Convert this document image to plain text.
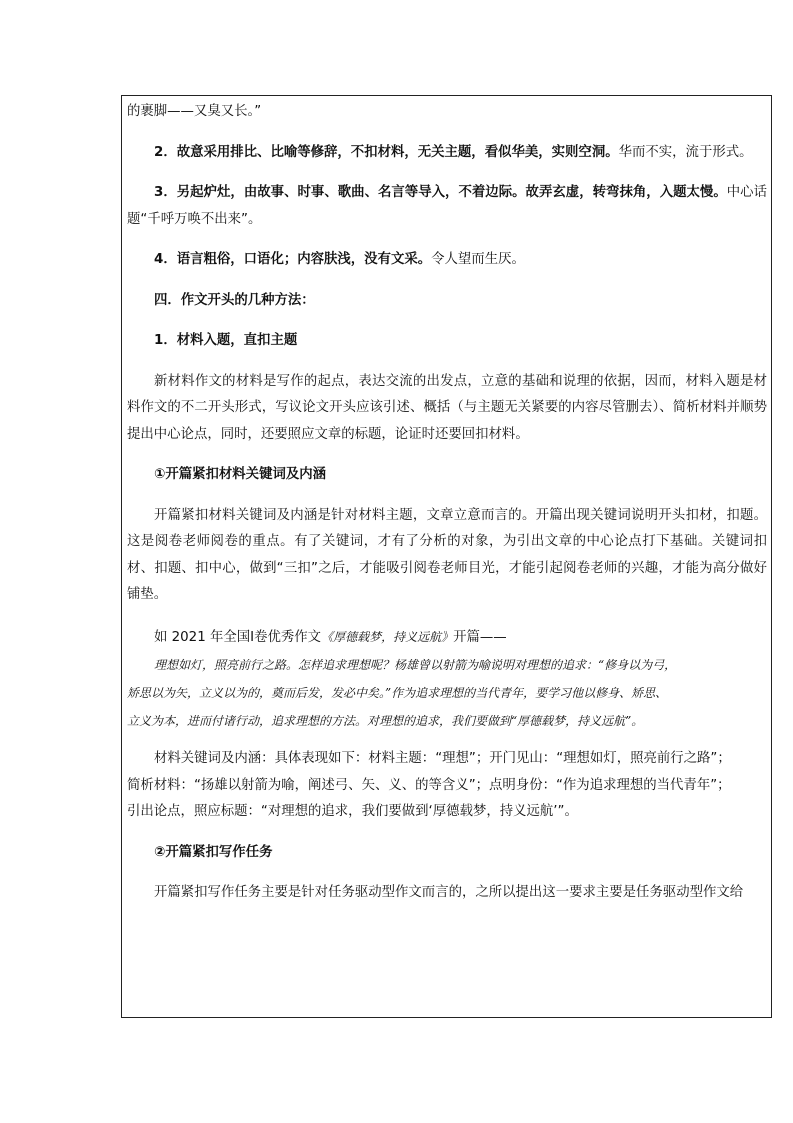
的裹脚——又臭又长。”

2．故意采用排比、比喻等修辞，不扣材料，无关主题，看似华美，实则空洞。华而不实，流于形式。

3．另起炉灶，由故事、时事、歌曲、名言等导入，不着边际。故弄玄虚，转弯抹角，入题太慢。中心话题“千呼万唤不出来”。

4．语言粗俗，口语化；内容肤浅，没有文采。令人望而生厌。

四．作文开头的几种方法：

1．材料入题，直扣主题

新材料作文的材料是写作的起点，表达交流的出发点，立意的基础和说理的依据，因而，材料入题是材料作文的不二开头形式，写议论文开头应该引述、概括（与主题无关紧要的内容尽管删去）、简析材料并顺势提出中心论点，同时，还要照应文章的标题，论证时还要回扣材料。

①开篇紧扣材料关键词及内涵

开篇紧扣材料关键词及内涵是针对材料主题，文章立意而言的。开篇出现关键词说明开头扣材，扣题。这是阅卷老师阅卷的重点。有了关键词，才有了分析的对象，为引出文章的中心论点打下基础。关键词扣材、扣题、扣中心，做到“三扣”之后，才能吸引阅卷老师目光，才能引起阅卷老师的兴趣，才能为高分做好铺垫。

如 2021 年全国Ⅰ卷优秀作文《厚德载梦，持义远航》开篇——

理想如灯，照亮前行之路。怎样追求理想呢？杨雄曾以射箭为喻说明对理想的追求：“修身以为弓，
矫思以为矢，立义以为的，奠而后发，发必中矣。”作为追求理想的当代青年，要学习他以修身、矫思、
立义为本，进而付诸行动，追求理想的方法。对理想的追求，我们要做到“厚德载梦，持义远航”。
材料关键词及内涵：具体表现如下：材料主题：“理想”；开门见山：“理想如灯，照亮前行之路”；
简析材料：“扬雄以射箭为喻，阐述弓、矢、义、的等含义”；点明身份：“作为追求理想的当代青年”；
引出论点，照应标题：“对理想的追求，我们要做到‘厚德载梦，持义远航’”。

②开篇紧扣写作任务

开篇紧扣写作任务主要是针对任务驱动型作文而言的，之所以提出这一要求主要是任务驱动型作文给
